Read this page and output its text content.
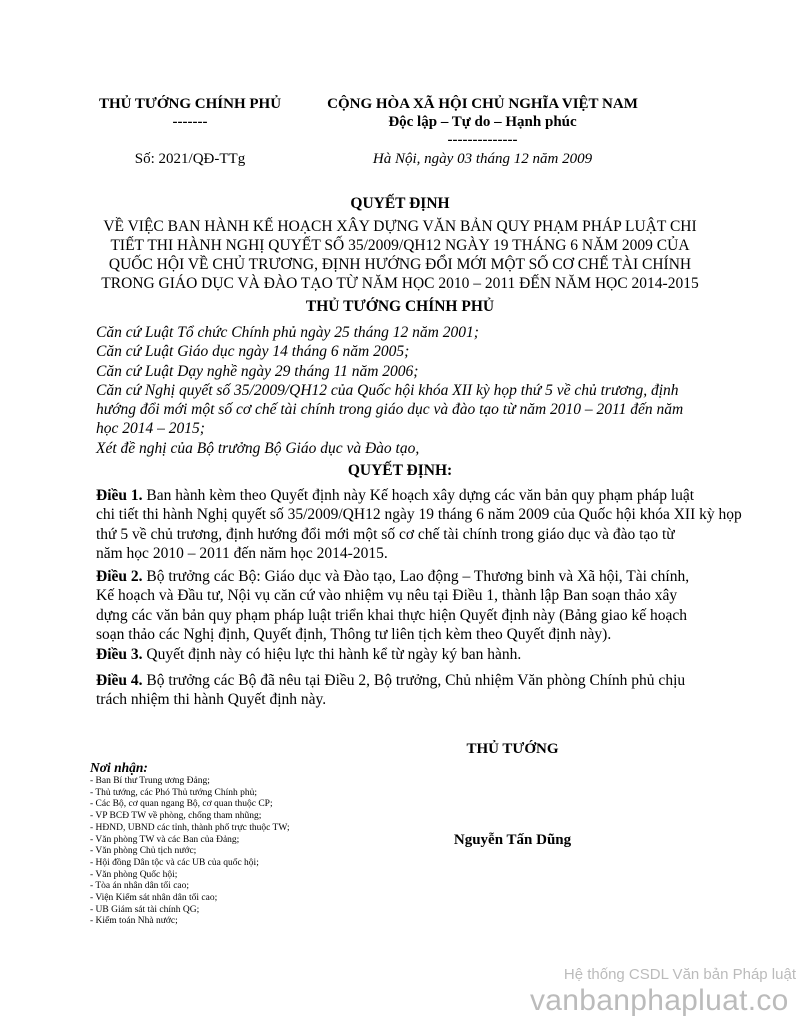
THỦ TƯỚNG CHÍNH PHỦ
-------
Số: 2021/QĐ-TTg
CỘNG HÒA XÃ HỘI CHỦ NGHĨA VIỆT NAM
Độc lập – Tự do – Hạnh phúc
--------------
Hà Nội, ngày 03 tháng 12 năm 2009
QUYẾT ĐỊNH
VỀ VIỆC BAN HÀNH KẾ HOẠCH XÂY DỰNG VĂN BẢN QUY PHẠM PHÁP LUẬT CHI
TIẾT THI HÀNH NGHỊ QUYẾT SỐ 35/2009/QH12 NGÀY 19 THÁNG 6 NĂM 2009 CỦA
QUỐC HỘI VỀ CHỦ TRƯƠNG, ĐỊNH HƯỚNG ĐỔI MỚI MỘT SỐ CƠ CHẾ TÀI CHÍNH
TRONG GIÁO DỤC VÀ ĐÀO TẠO TỪ NĂM HỌC 2010 – 2011 ĐẾN NĂM HỌC 2014-2015
THỦ TƯỚNG CHÍNH PHỦ
Căn cứ Luật Tổ chức Chính phủ ngày 25 tháng 12 năm 2001;
Căn cứ Luật Giáo dục ngày 14 tháng 6 năm 2005;
Căn cứ Luật Dạy nghề ngày 29 tháng 11 năm 2006;
Căn cứ Nghị quyết số 35/2009/QH12 của Quốc hội khóa XII kỳ họp thứ 5 về chủ trương, định
hướng đổi mới một số cơ chế tài chính trong giáo dục và đào tạo từ năm 2010 – 2011 đến năm
học 2014 – 2015;
Xét đề nghị của Bộ trưởng Bộ Giáo dục và Đào tạo,
QUYẾT ĐỊNH:
Điều 1. Ban hành kèm theo Quyết định này Kế hoạch xây dựng các văn bản quy phạm pháp luật
chi tiết thi hành Nghị quyết số 35/2009/QH12 ngày 19 tháng 6 năm 2009 của Quốc hội khóa XII kỳ họp
thứ 5 về chủ trương, định hướng đổi mới một số cơ chế tài chính trong giáo dục và đào tạo từ
năm học 2010 – 2011 đến năm học 2014-2015.
Điều 2. Bộ trưởng các Bộ: Giáo dục và Đào tạo, Lao động – Thương binh và Xã hội, Tài chính,
Kế hoạch và Đầu tư, Nội vụ căn cứ vào nhiệm vụ nêu tại Điều 1, thành lập Ban soạn thảo xây
dựng các văn bản quy phạm pháp luật triển khai thực hiện Quyết định này (Bảng giao kế hoạch
soạn thảo các Nghị định, Quyết định, Thông tư liên tịch kèm theo Quyết định này).
Điều 3. Quyết định này có hiệu lực thi hành kể từ ngày ký ban hành.
Điều 4. Bộ trưởng các Bộ đã nêu tại Điều 2, Bộ trưởng, Chủ nhiệm Văn phòng Chính phủ chịu
trách nhiệm thi hành Quyết định này.
Nơi nhận:
- Ban Bí thư Trung ương Đảng;
- Thủ tướng, các Phó Thủ tướng Chính phủ;
- Các Bộ, cơ quan ngang Bộ, cơ quan thuộc CP;
- VP BCĐ TW về phòng, chống tham nhũng;
- HĐND, UBND các tỉnh, thành phố trực thuộc TW;
- Văn phòng TW và các Ban của Đảng;
- Văn phòng Chủ tịch nước;
- Hội đồng Dân tộc và các UB của quốc hội;
- Văn phòng Quốc hội;
- Tòa án nhân dân tối cao;
- Viện Kiểm sát nhân dân tối cao;
- UB Giám sát tài chính QG;
- Kiểm toán Nhà nước;
THỦ TƯỚNG
Nguyễn Tấn Dũng
Hệ thống CSDL Văn bản Pháp luật
vanbanphapluat.co
